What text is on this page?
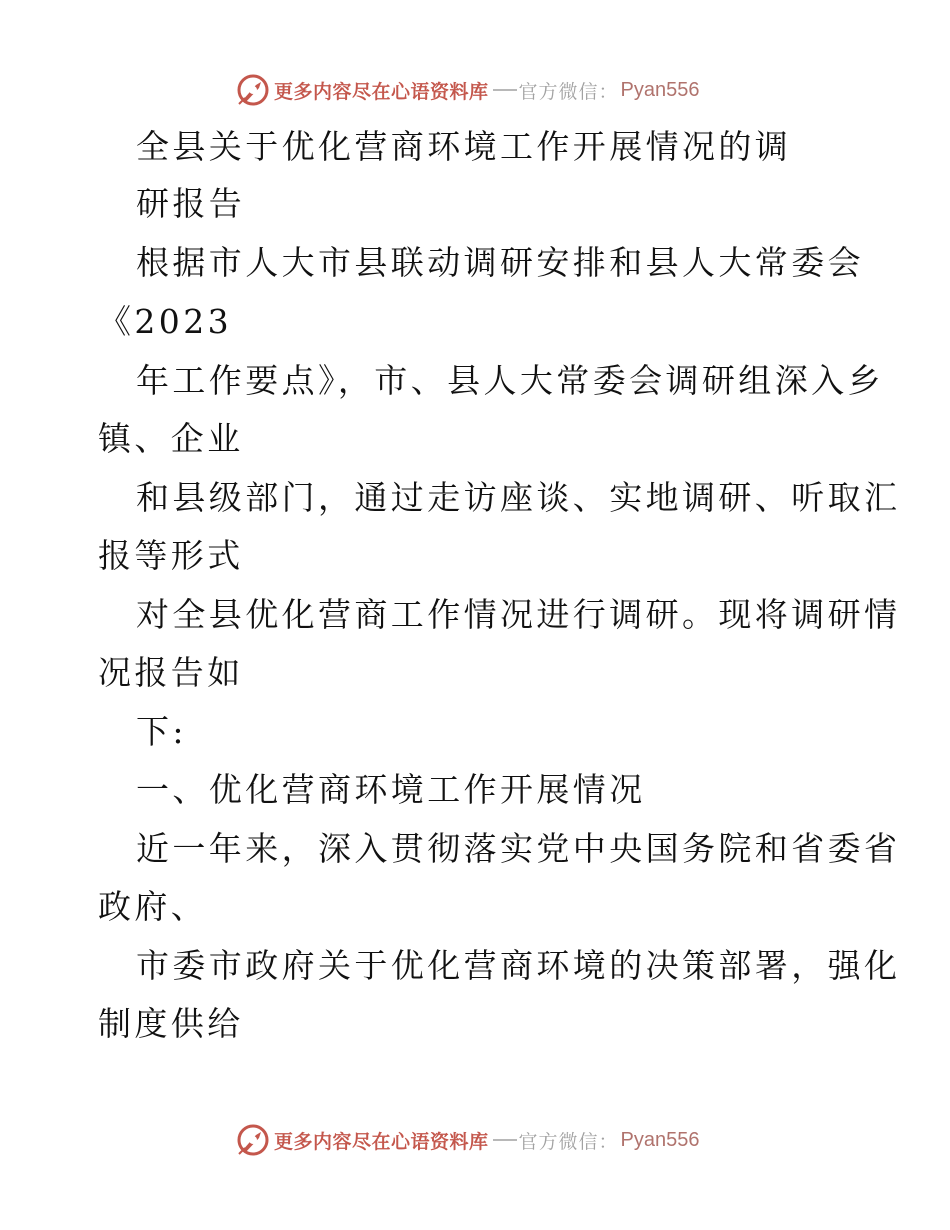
更多内容尽在心语资料库 官方微信： Pyan556
全县关于优化营商环境工作开展情况的调
研报告
根据市人大市县联动调研安排和县人大常委会
《2023
年工作要点》，市、县人大常委会调研组深入乡
镇、企业
和县级部门，通过走访座谈、实地调研、听取汇
报等形式
对全县优化营商工作情况进行调研。现将调研情
况报告如
下:
一、优化营商环境工作开展情况
近一年来，深入贯彻落实党中央国务院和省委省
政府、
市委市政府关于优化营商环境的决策部署，强化
制度供给
更多内容尽在心语资料库 官方微信： Pyan556
